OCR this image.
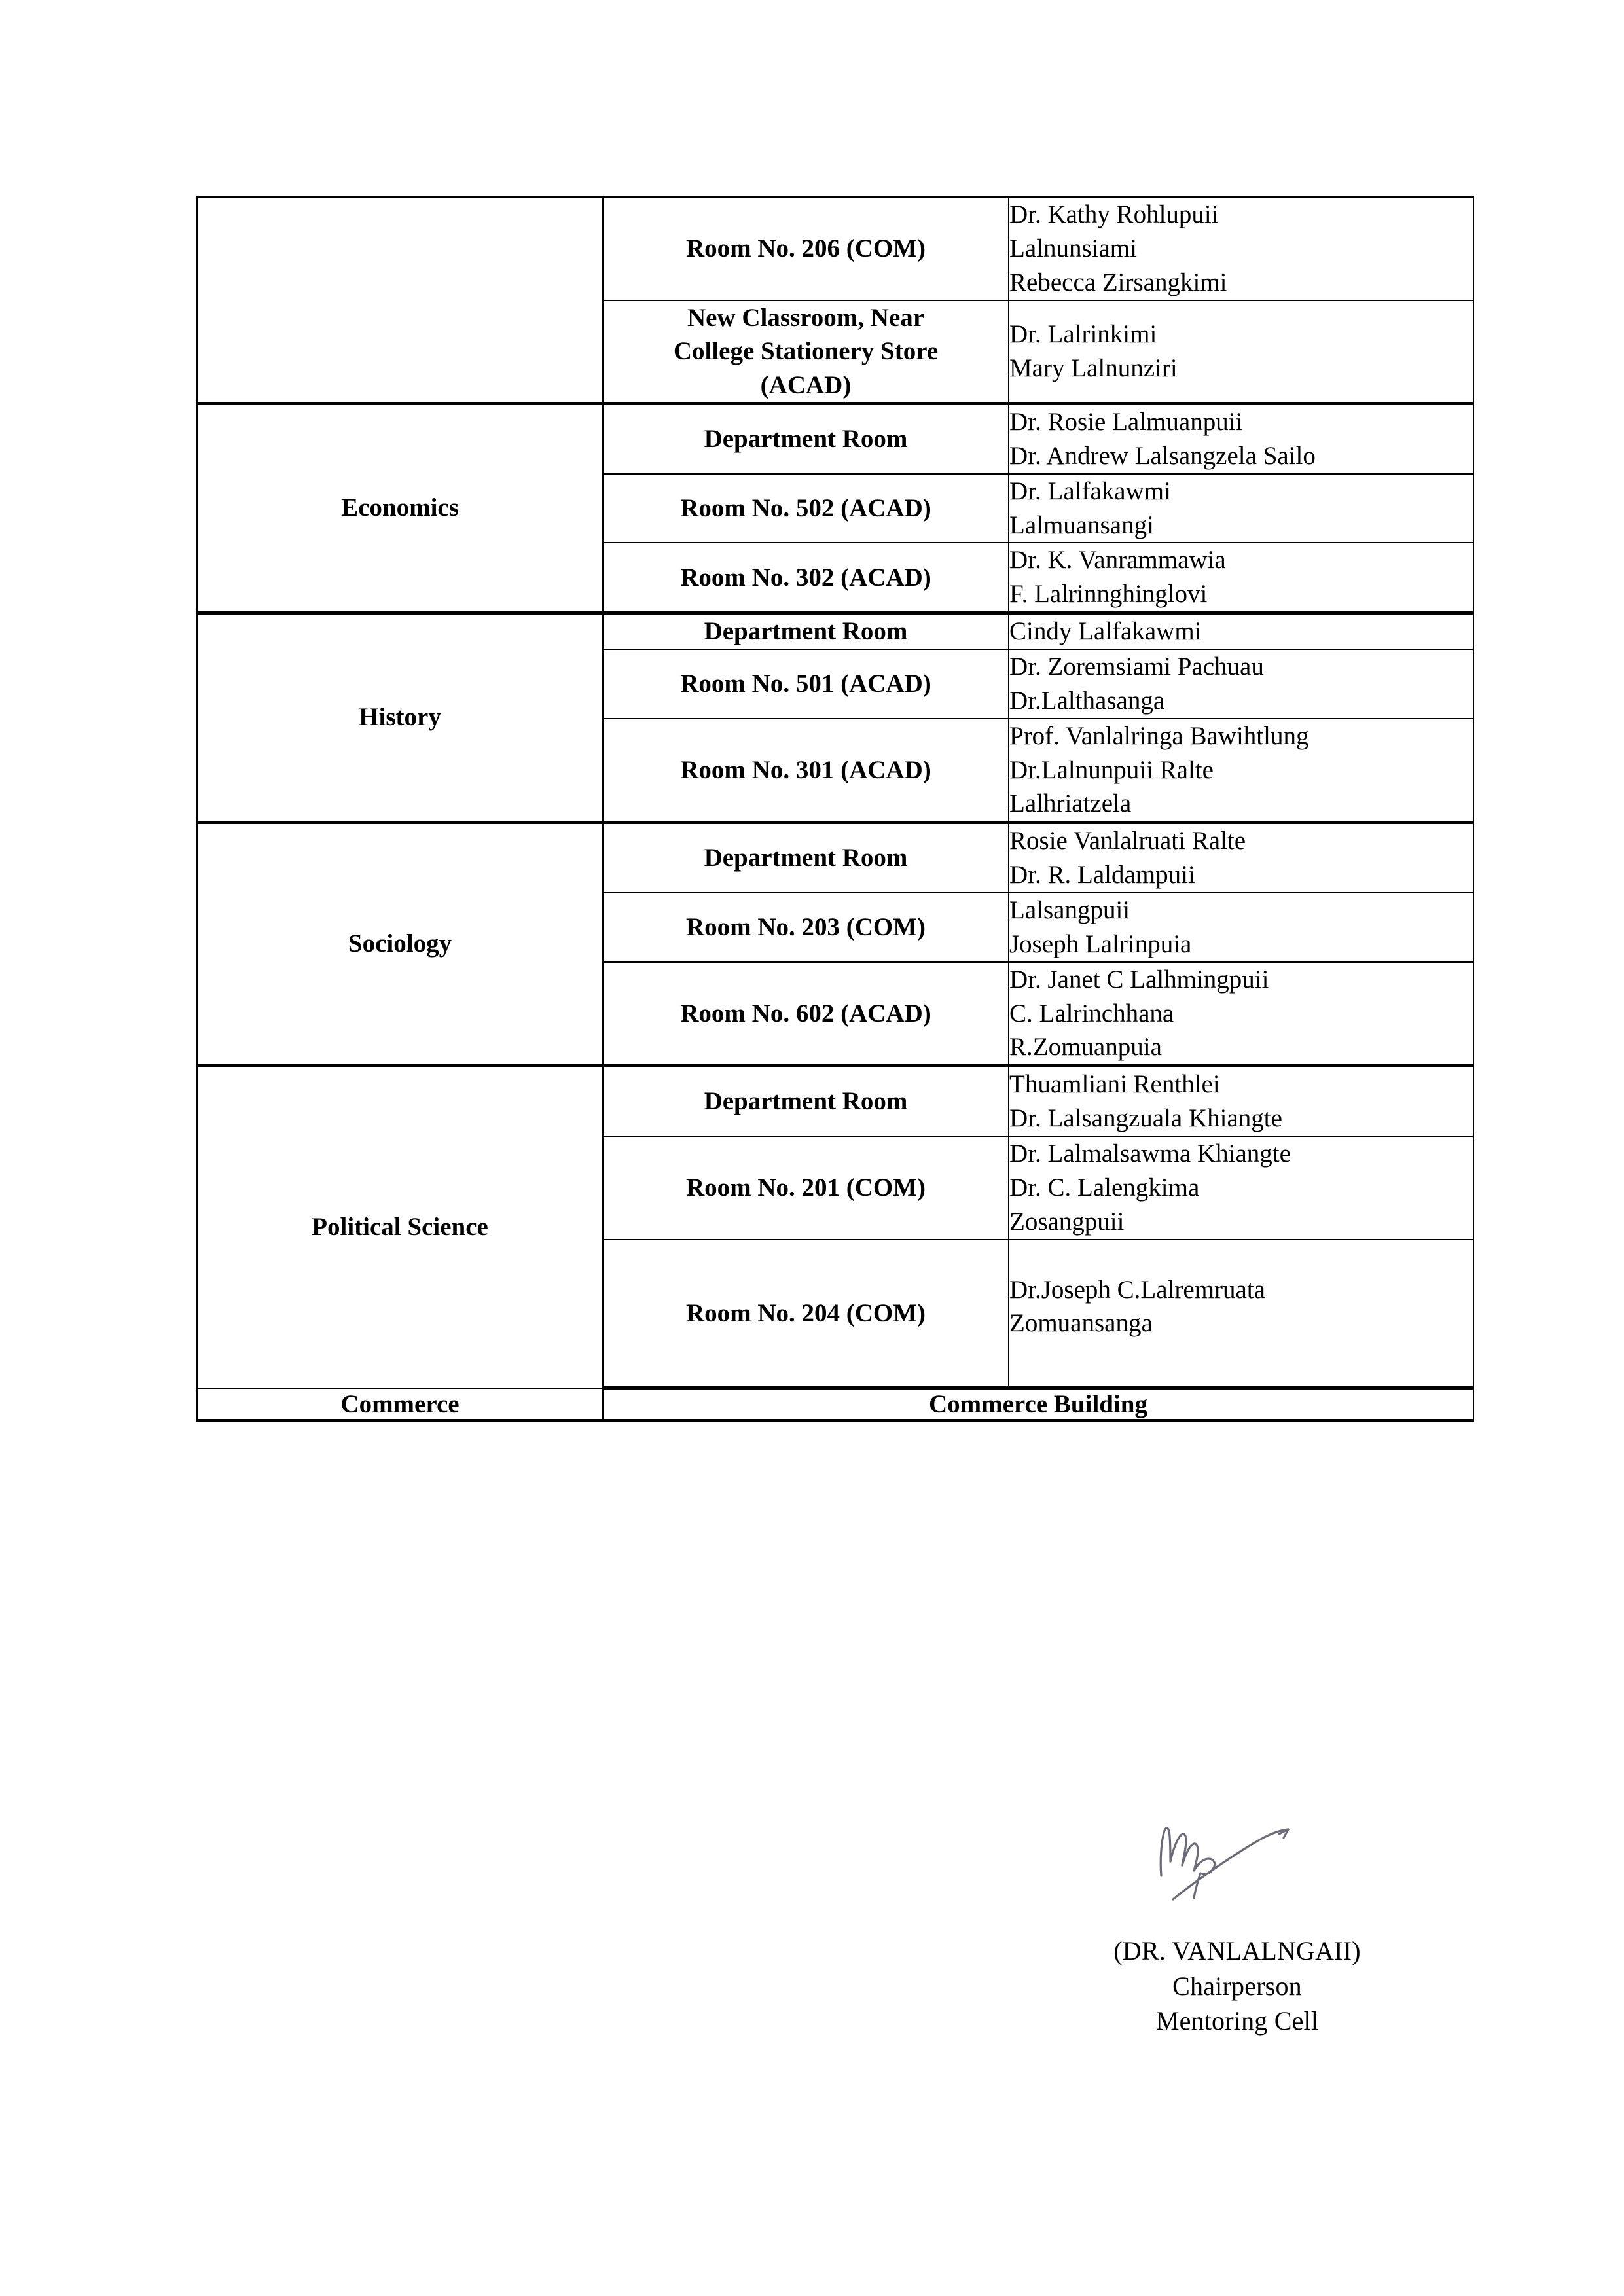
	Room No. 206 (COM)	Dr. Kathy Rohlupuii
Lalnunsiami
Rebecca Zirsangkimi

	New Classroom, Near
College Stationery Store
(ACAD)	Dr. Lalrinkimi
Mary Lalnunziri

Economics	Department Room	Dr. Rosie Lalmuanpuii
Dr. Andrew Lalsangzela Sailo

	Room No. 502 (ACAD)	Dr. Lalfakawmi
Lalmuansangi

	Room No. 302 (ACAD)	Dr. K. Vanrammawia
F. Lalrinnghinglovi

History	Department Room	Cindy Lalfakawmi

	Room No. 501 (ACAD)	Dr. Zoremsiami Pachuau
Dr.Lalthasanga

	Room No. 301 (ACAD)	Prof. Vanlalringa Bawihtlung
Dr.Lalnunpuii Ralte
Lalhriatzela

Sociology	Department Room	Rosie Vanlalruati Ralte
Dr. R. Laldampuii

	Room No. 203 (COM)	Lalsangpuii
Joseph Lalrinpuia

	Room No. 602 (ACAD)	Dr. Janet C Lalhmingpuii
C. Lalrinchhana
R.Zomuanpuia

Political Science	Department Room	Thuamliani Renthlei
Dr. Lalsangzuala Khiangte

	Room No. 201 (COM)	Dr. Lalmalsawma Khiangte
Dr. C. Lalengkima
Zosangpuii

	Room No. 204 (COM)	Dr.Joseph C.Lalremruata
Zomuansanga

Commerce	Commerce Building	
(DR. VANLALNGAII)
Chairperson
Mentoring Cell
